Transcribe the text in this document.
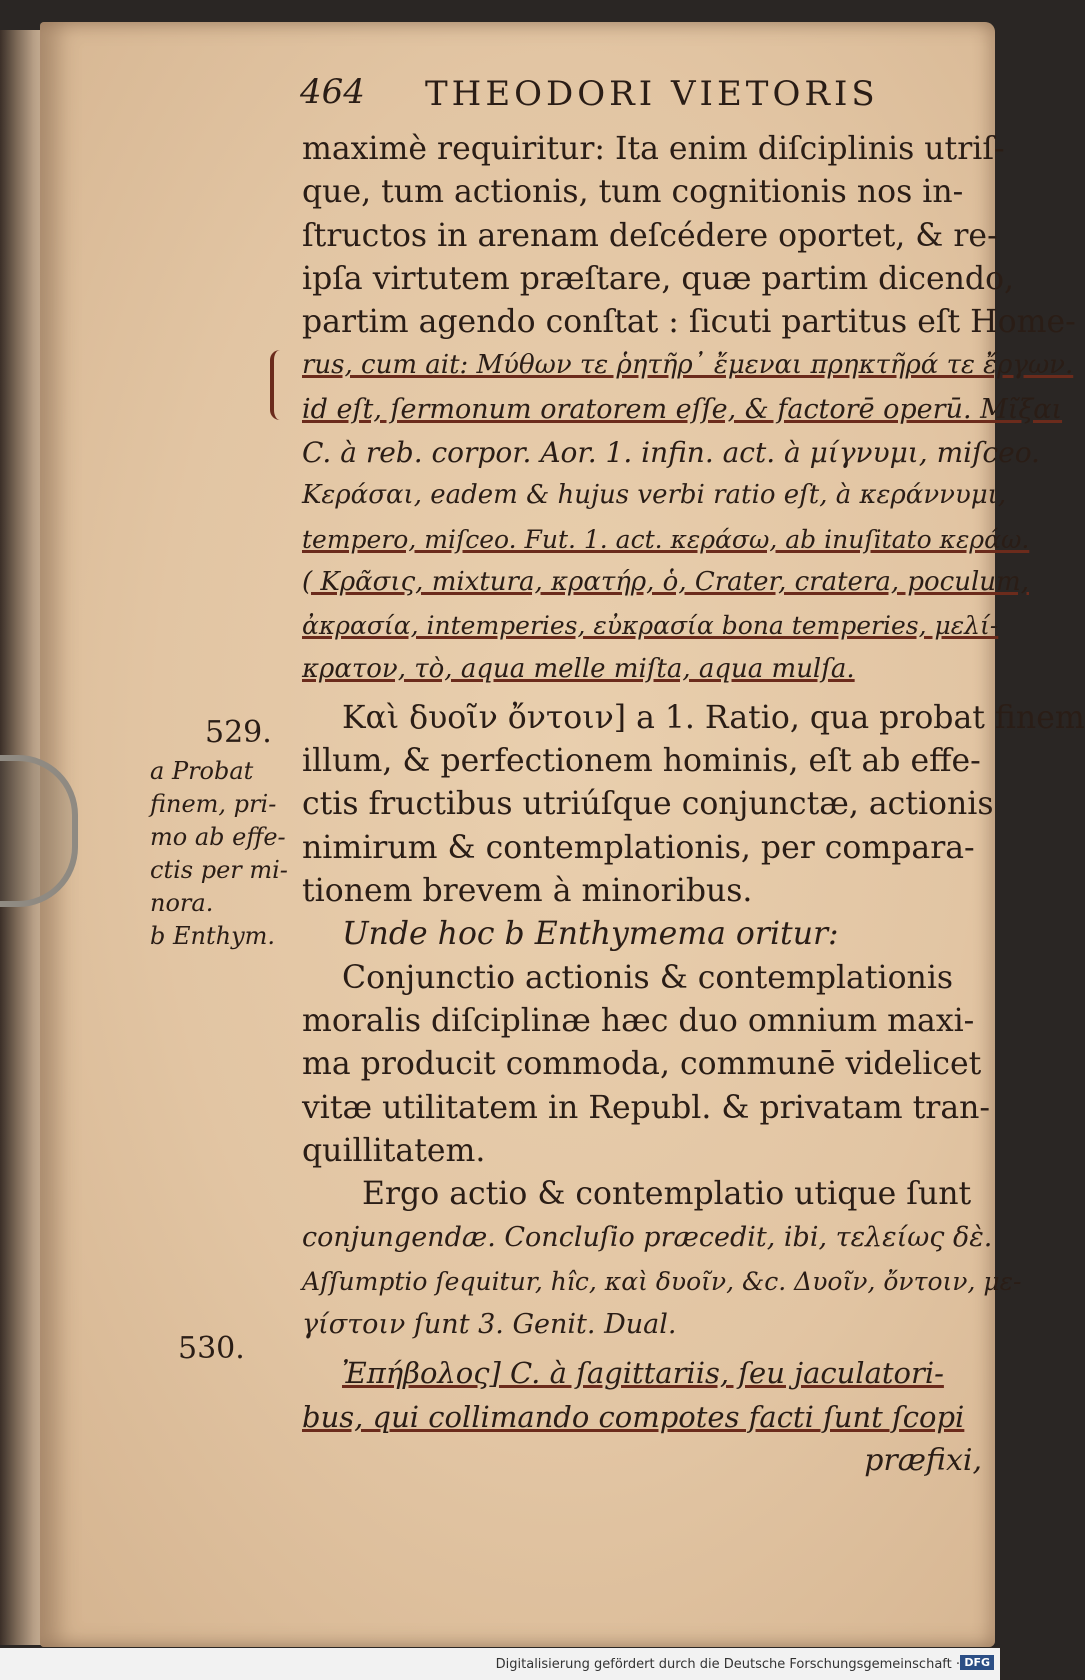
464 THEODORI VIETORIS
maximè requiritur: Ita enim diſciplinis utriſ-
que, tum actionis, tum cognitionis nos in-
ſtructos in arenam deſcédere oportet, & re-
ipſa virtutem præſtare, quæ partim dicendo,
partim agendo conſtat : ſicuti partitus eſt Home-
rus, cum ait: Μύθων τε ῥητῆρ᾽ ἔμεναι πρηκτῆρά τε ἔργων.
id eſt, ſermonum oratorem eſſe, & factorē operū. Μῖξαι
C. à reb. corpor. Aor. 1. infin. act. à μίγνυμι, miſceo.
Κεράσαι, eadem & hujus verbi ratio eſt, à κεράννυμι,
tempero, miſceo. Fut. 1. act. κεράσω, ab inuſitato κεράω.
( Κρᾶσις, mixtura, κρατήρ, ὁ, Crater, cratera, poculum,
ἀκρασία, intemperies, εὐκρασία bona temperies, μελί-
κρατον, τὸ, aqua melle miſta, aqua mulſa.
Καὶ δυοῖν ὄντοιν] a 1. Ratio, qua probat finem
illum, & perfectionem hominis, eſt ab effe-
ctis fructibus utriúſque conjunctæ, actionis
nimirum & contemplationis, per compara-
tionem brevem à minoribus.
Unde hoc b Enthymema oritur:
Conjunctio actionis & contemplationis
moralis diſciplinæ hæc duo omnium maxi-
ma producit commoda, communē videlicet
vitæ utilitatem in Republ. & privatam tran-
quillitatem.
Ergo actio & contemplatio utique ſunt
conjungendæ. Concluſio præcedit, ibi, τελείως δὲ.
Aſſumptio ſequitur, hîc, καὶ δυοῖν, &c. Δυοῖν, ὄντοιν, με-
γίστοιν ſunt 3. Genit. Dual.
Ἐπήβολος] C. à ſagittariis, ſeu jaculatori-
bus, qui collimando compotes facti ſunt ſcopi
præfixi,
529.
a Probat
finem, pri-
mo ab effe-
ctis per mi-
nora.
b Enthym.
530.
Digitalisierung gefördert durch die Deutsche Forschungsgemeinschaft · DFG
